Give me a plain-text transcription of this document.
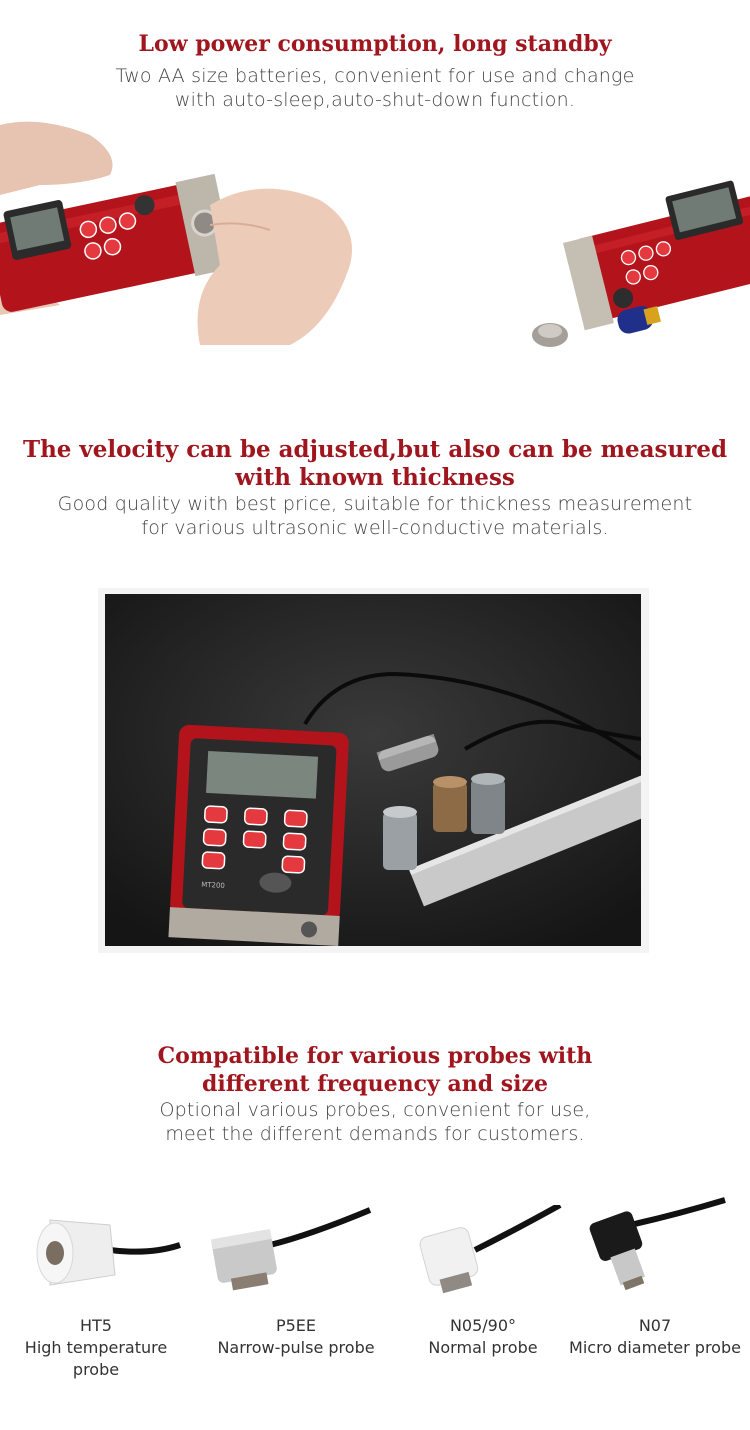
Low power consumption, long standby

Two AA size batteries, convenient for use and change

with auto-sleep,auto-shut-down function.

The velocity can be adjusted,but also can be measured
with known thickness

Good quality with best price, suitable for thickness measurement

for various ultrasonic well-conductive materials.

MT200
Compatible for various probes with
different frequency and size

Optional various probes, convenient for use,

meet the different demands for customers.

HT5
High temperature probe
P5EE
Narrow-pulse probe
N05/90°
Normal probe
N07
Micro diameter probe
